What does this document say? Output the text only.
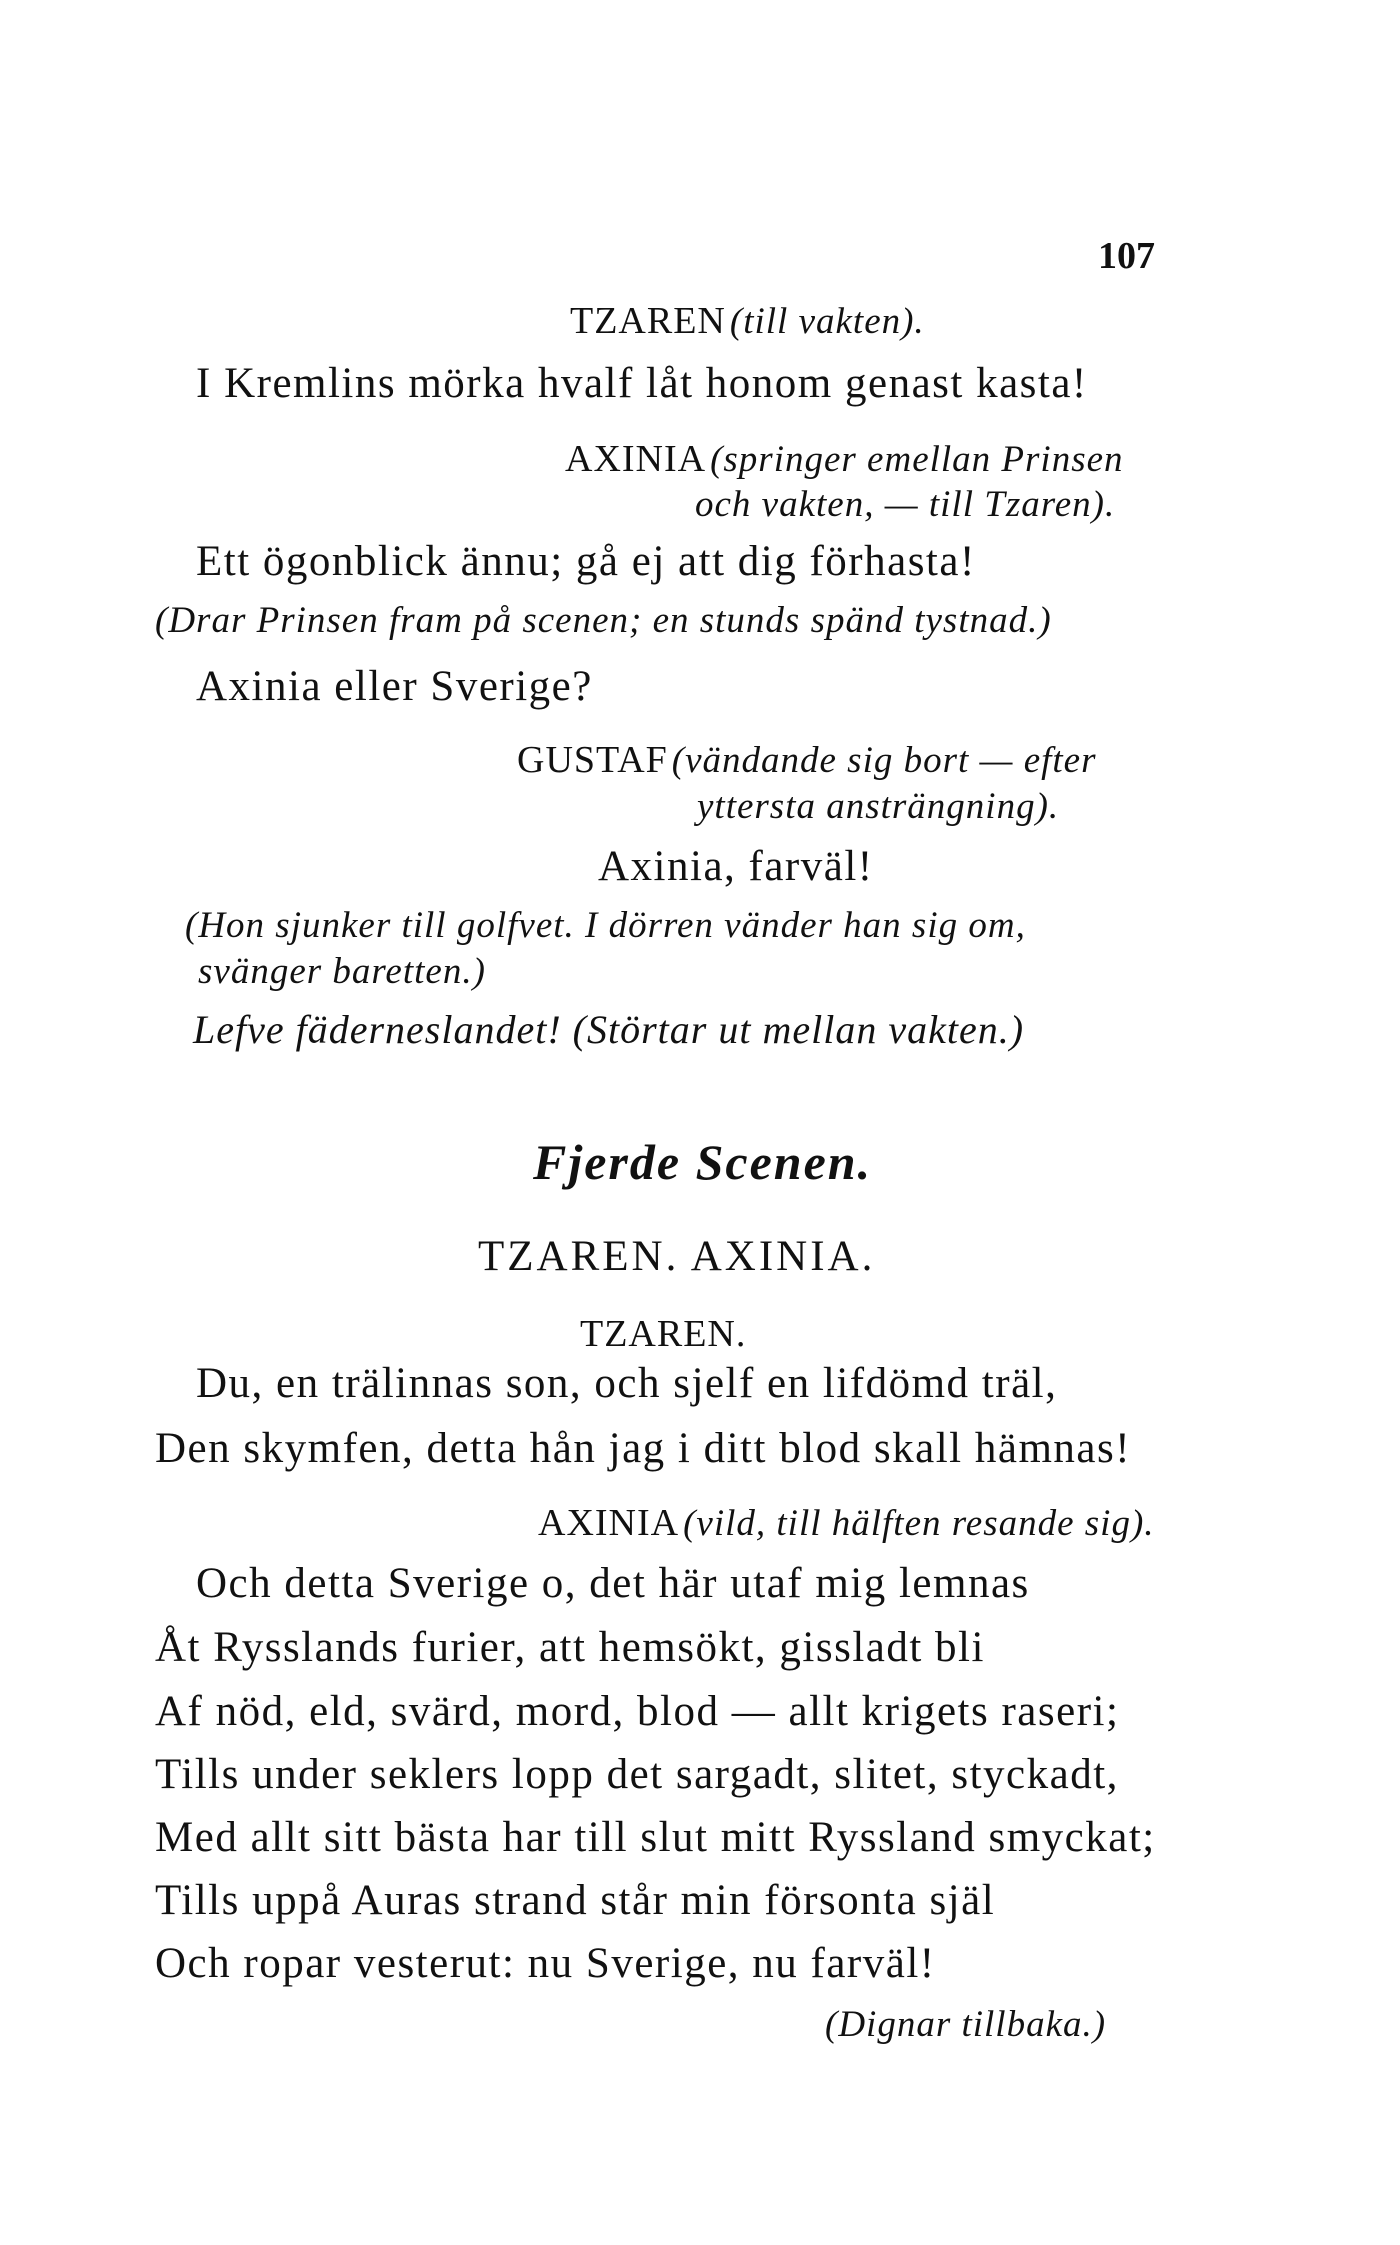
107
TZAREN (till vakten).
I Kremlins mörka hvalf låt honom genast kasta!
AXINIA (springer emellan Prinsen
och vakten, — till Tzaren).
Ett ögonblick ännu; gå ej att dig förhasta!
(Drar Prinsen fram på scenen; en stunds spänd tystnad.)
Axinia eller Sverige?
GUSTAF (vändande sig bort — efter
yttersta ansträngning).
Axinia, farväl!
(Hon sjunker till golfvet. I dörren vänder han sig om,
svänger baretten.)
Lefve fäderneslandet! (Störtar ut mellan vakten.)
Fjerde Scenen.
TZAREN. AXINIA.
TZAREN.
Du, en trälinnas son, och sjelf en lifdömd träl,
Den skymfen, detta hån jag i ditt blod skall hämnas!
AXINIA (vild, till hälften resande sig).
Och detta Sverige o, det här utaf mig lemnas
Åt Rysslands furier, att hemsökt, gissladt bli
Af nöd, eld, svärd, mord, blod — allt krigets raseri;
Tills under seklers lopp det sargadt, slitet, styckadt,
Med allt sitt bästa har till slut mitt Ryssland smyckat;
Tills uppå Auras strand står min försonta själ
Och ropar vesterut: nu Sverige, nu farväl!
(Dignar tillbaka.)
